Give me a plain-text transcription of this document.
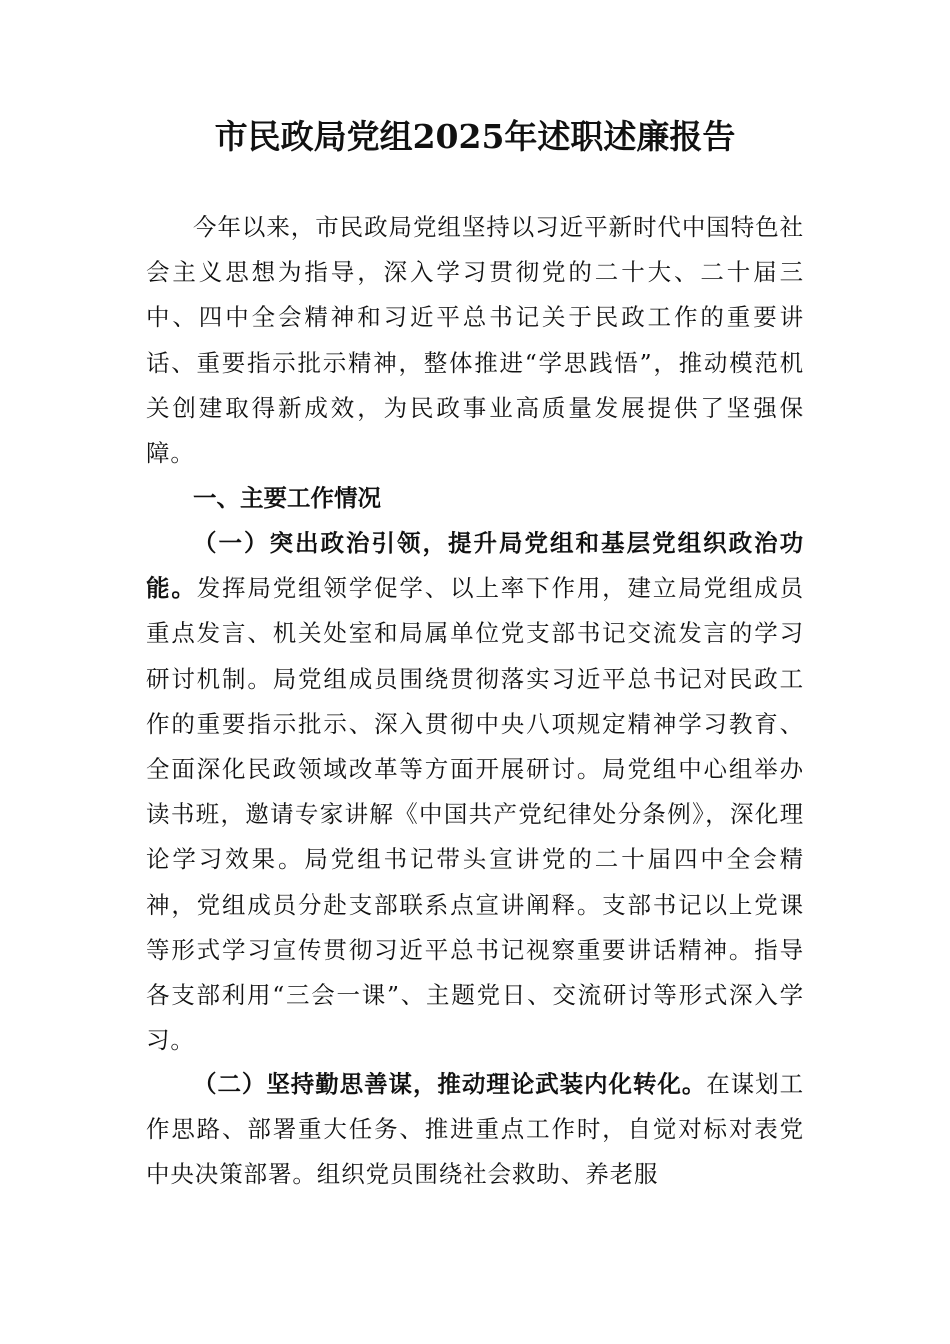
市民政局党组2025年述职述廉报告
今年以来，市民政局党组坚持以习近平新时代中国特色社会主义思想为指导，深入学习贯彻党的二十大、二十届三中、四中全会精神和习近平总书记关于民政工作的重要讲话、重要指示批示精神，整体推进“学思践悟”，推动模范机关创建取得新成效，为民政事业高质量发展提供了坚强保障。
一、主要工作情况
（一）突出政治引领，提升局党组和基层党组织政治功能。发挥局党组领学促学、以上率下作用，建立局党组成员重点发言、机关处室和局属单位党支部书记交流发言的学习研讨机制。局党组成员围绕贯彻落实习近平总书记对民政工作的重要指示批示、深入贯彻中央八项规定精神学习教育、全面深化民政领域改革等方面开展研讨。局党组中心组举办读书班，邀请专家讲解《中国共产党纪律处分条例》，深化理论学习效果。局党组书记带头宣讲党的二十届四中全会精神，党组成员分赴支部联系点宣讲阐释。支部书记以上党课等形式学习宣传贯彻习近平总书记视察重要讲话精神。指导各支部利用“三会一课”、主题党日、交流研讨等形式深入学习。
（二）坚持勤思善谋，推动理论武装内化转化。在谋划工作思路、部署重大任务、推进重点工作时，自觉对标对表党中央决策部署。组织党员围绕社会救助、养老服
